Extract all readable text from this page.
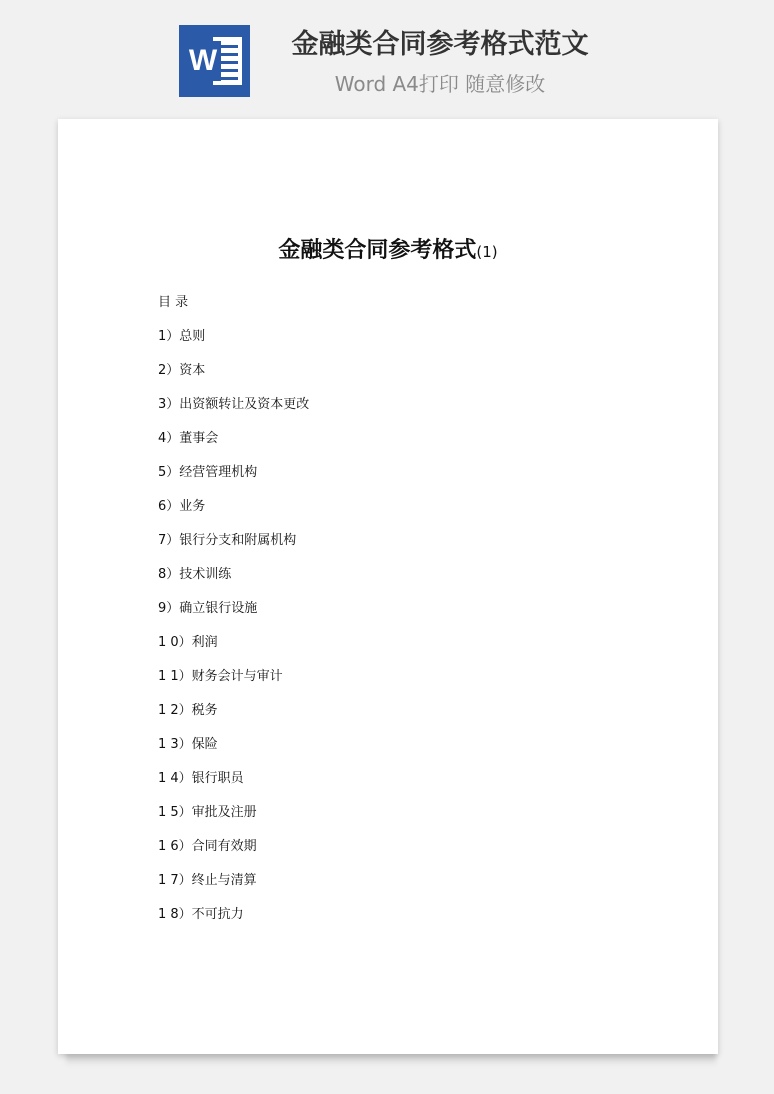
W	金融类合同参考格式范文
Word A4打印 随意修改
金融类合同参考格式(1)
目 录
1）总则
2）资本
3）出资额转让及资本更改
4）董事会
5）经营管理机构
6）业务
7）银行分支和附属机构
8）技术训练
9）确立银行设施
1 0）利润
1 1）财务会计与审计
1 2）税务
1 3）保险
1 4）银行职员
1 5）审批及注册
1 6）合同有效期
1 7）终止与清算
1 8）不可抗力
